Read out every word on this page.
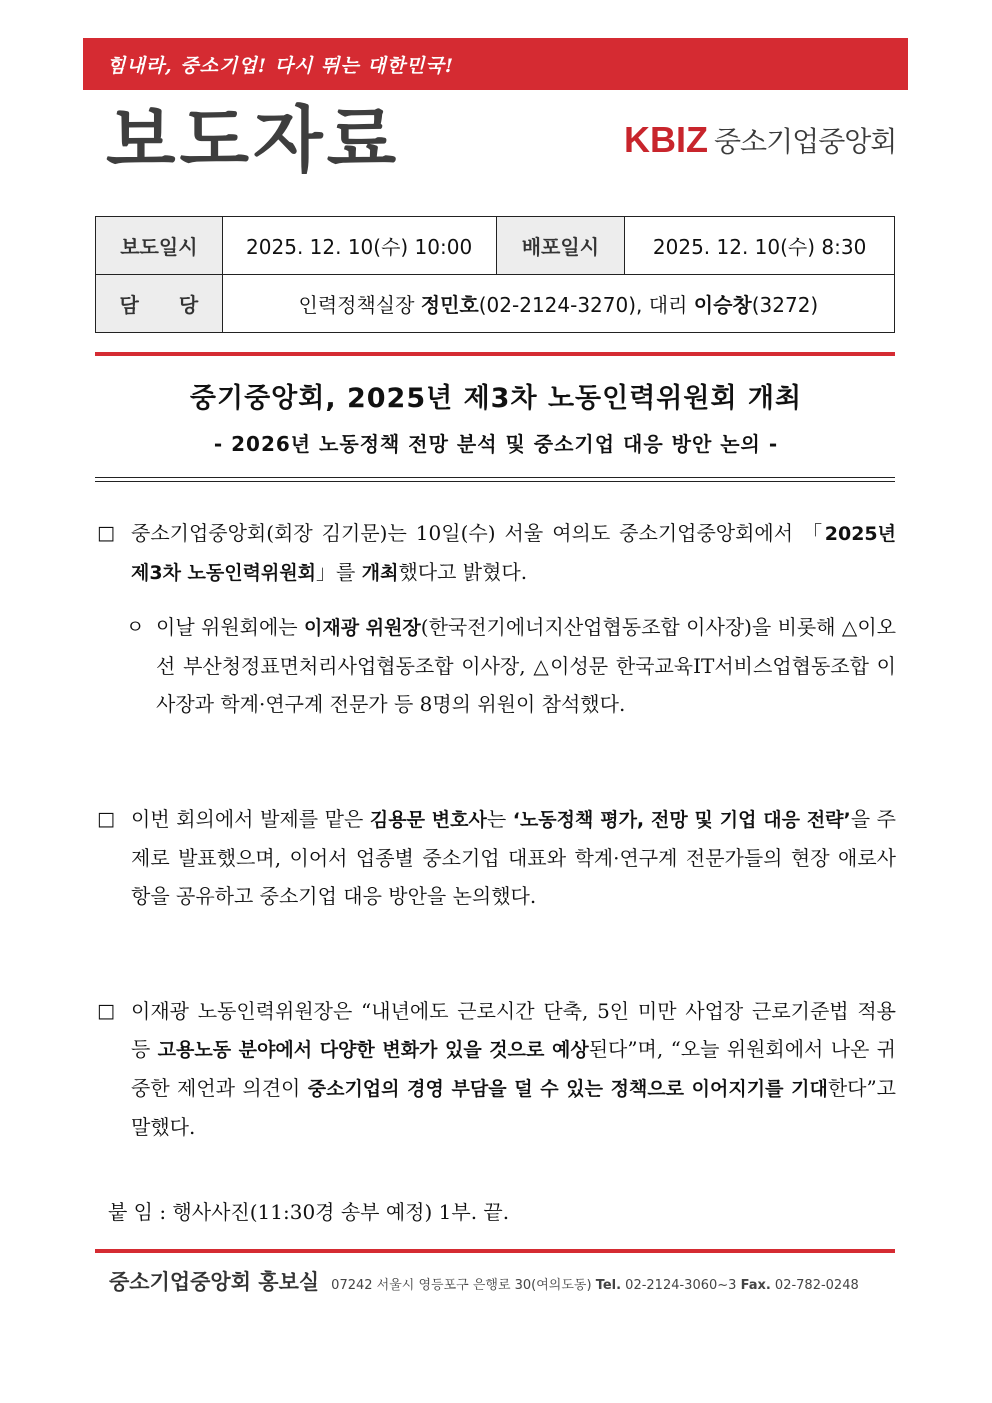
힘내라, 중소기업! 다시 뛰는 대한민국!
보도자료	KBIZ 중소기업중앙회
보도일시	2025. 12. 10(수) 10:00	배포일시	2025. 12. 10(수) 8:30
담　　당	인력정책실장 정민호(02-2124-3270), 대리 이승창(3272)		
중기중앙회, 2025년 제3차 노동인력위원회 개최
- 2026년 노동정책 전망 분석 및 중소기업 대응 방안 논의 -
□ 중소기업중앙회(회장 김기문)는 10일(수) 서울 여의도 중소기업중앙회에서 「2025년 제3차 노동인력위원회」를 개최했다고 밝혔다.
ㅇ 이날 위원회에는 이재광 위원장(한국전기에너지산업협동조합 이사장)을 비롯해 △이오선 부산청정표면처리사업협동조합 이사장, △이성문 한국교육IT서비스업협동조합 이사장과 학계·연구계 전문가 등 8명의 위원이 참석했다.
□ 이번 회의에서 발제를 맡은 김용문 변호사는 ‘노동정책 평가, 전망 및 기업 대응 전략’을 주제로 발표했으며, 이어서 업종별 중소기업 대표와 학계·연구계 전문가들의 현장 애로사항을 공유하고 중소기업 대응 방안을 논의했다.
□ 이재광 노동인력위원장은 “내년에도 근로시간 단축, 5인 미만 사업장 근로기준법 적용 등 고용노동 분야에서 다양한 변화가 있을 것으로 예상된다”며, “오늘 위원회에서 나온 귀중한 제언과 의견이 중소기업의 경영 부담을 덜 수 있는 정책으로 이어지기를 기대한다”고 말했다.
붙 임 : 행사사진(11:30경 송부 예정) 1부. 끝.
중소기업중앙회 홍보실 07242 서울시 영등포구 은행로 30(여의도동) Tel. 02-2124-3060~3 Fax. 02-782-0248
